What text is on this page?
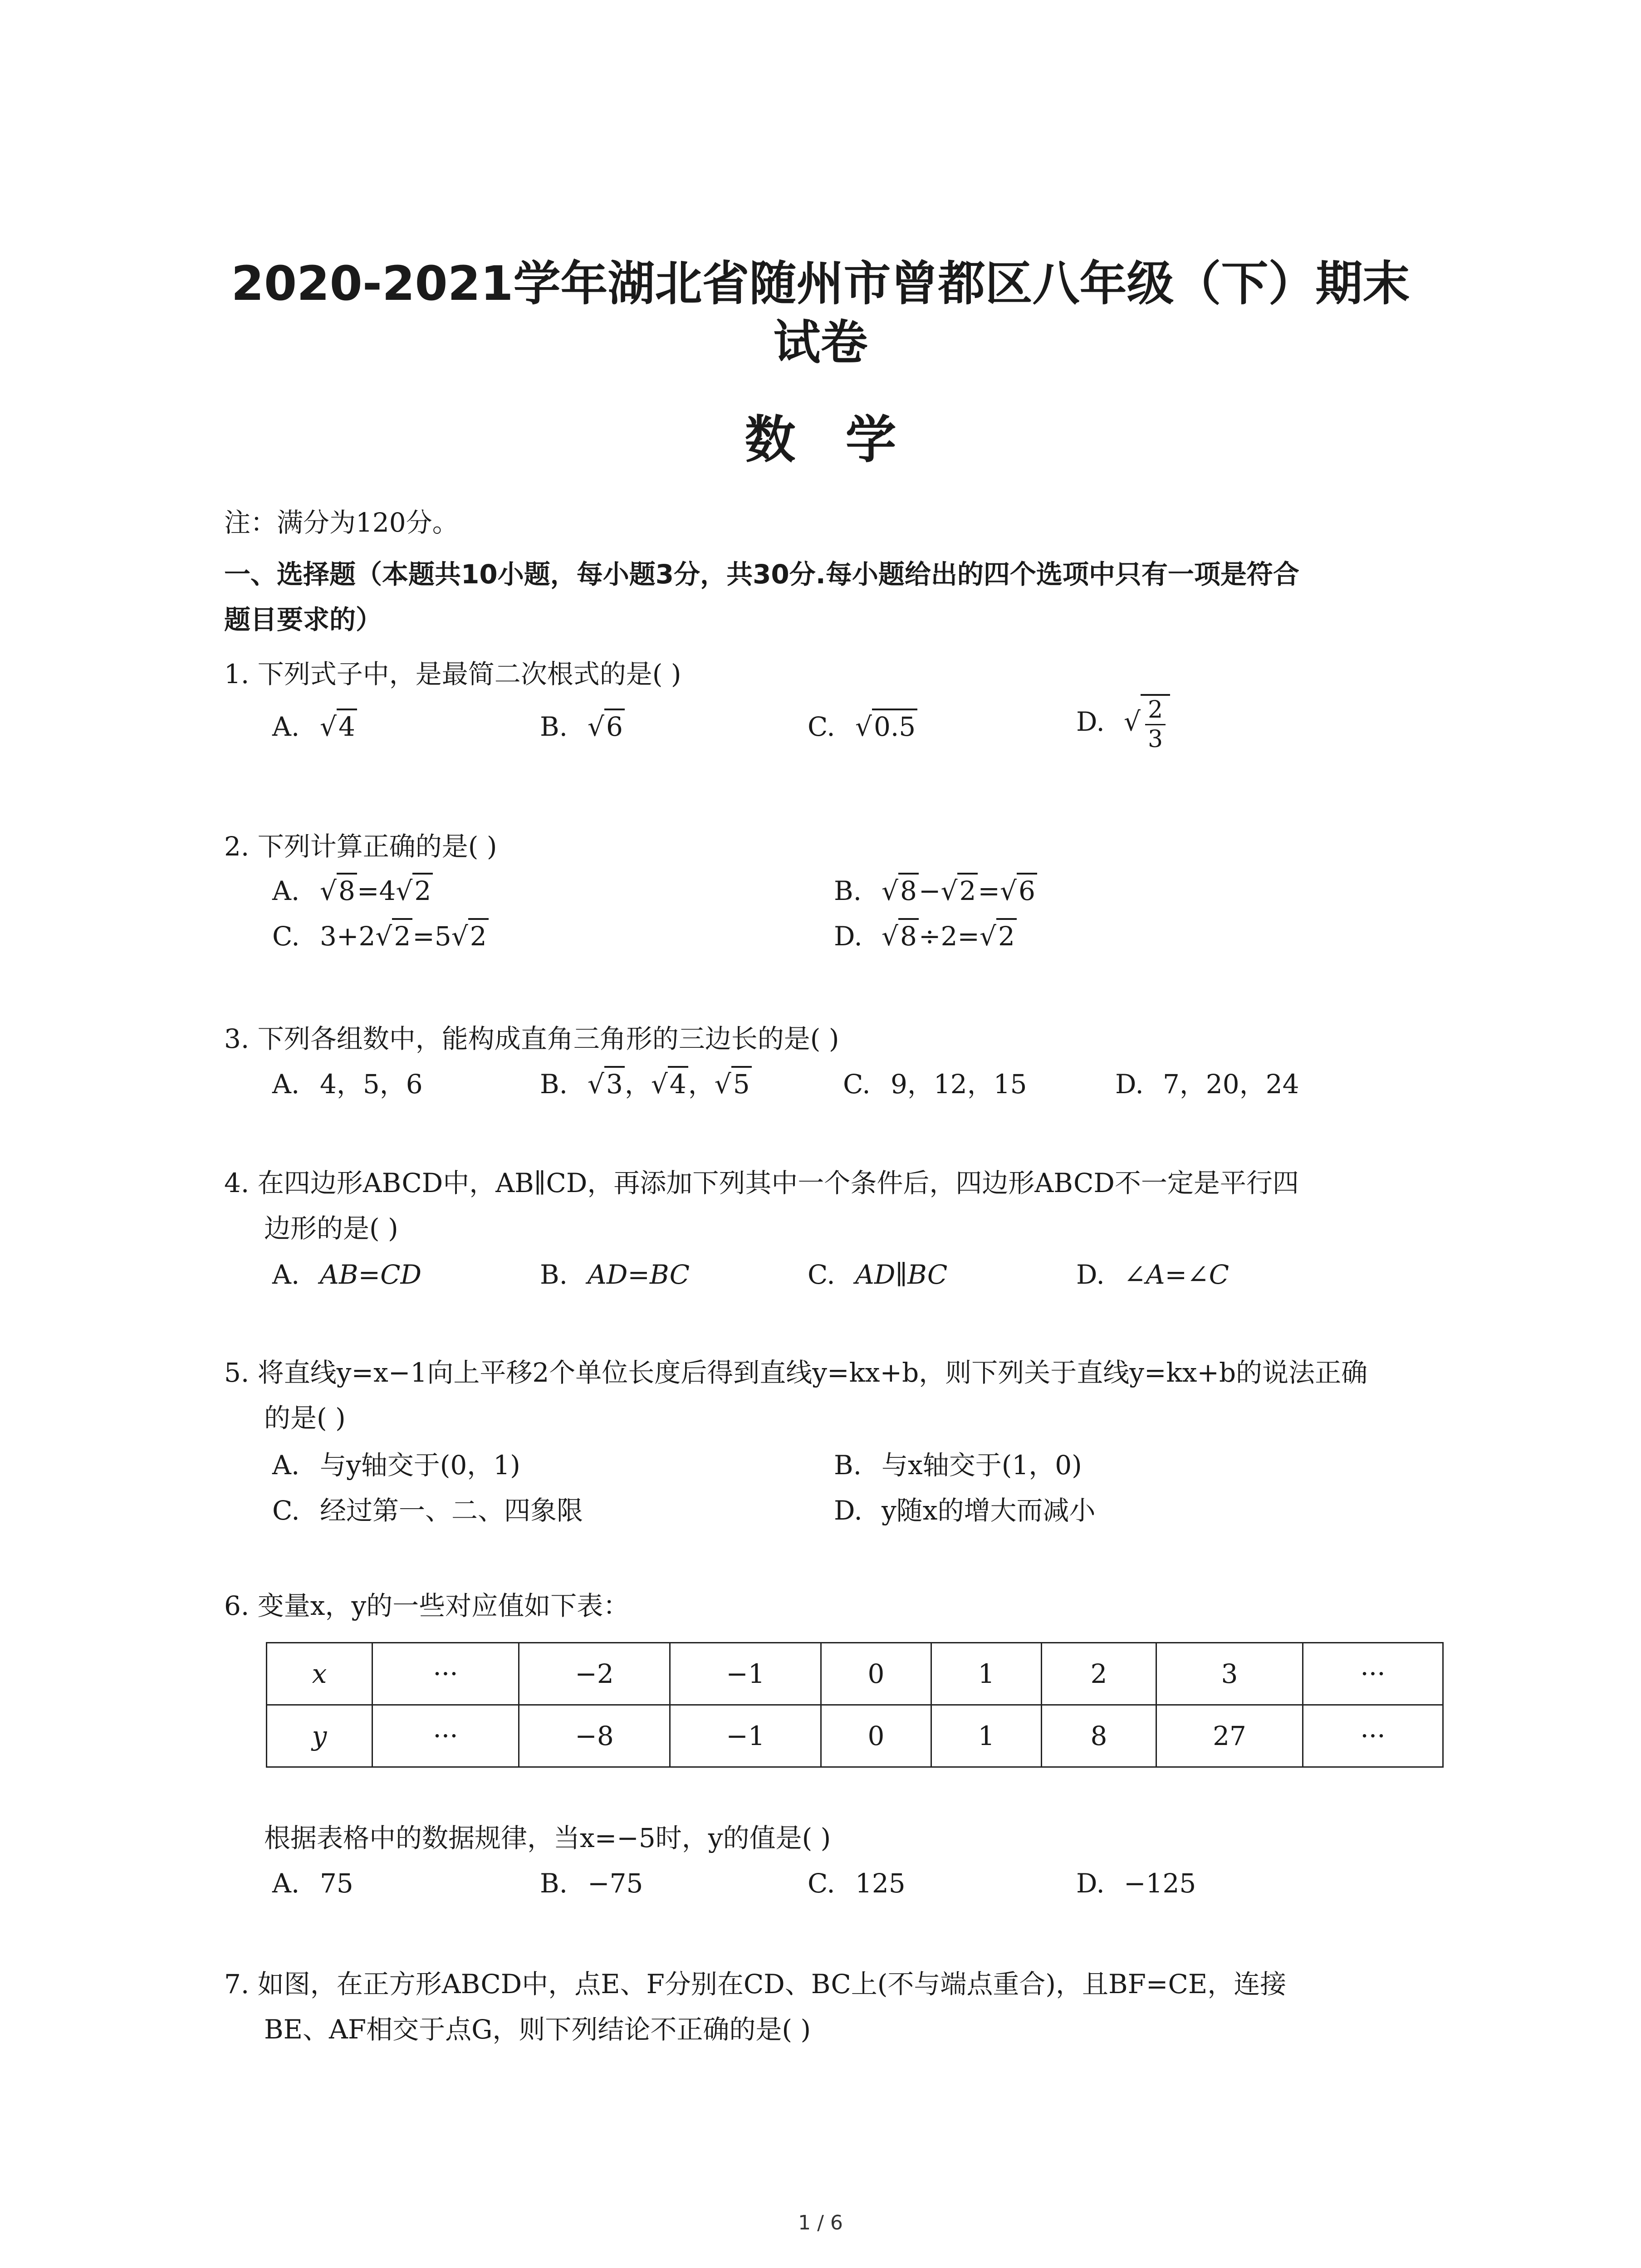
2020-2021学年湖北省随州市曾都区八年级（下）期末
试卷
数学
注：满分为120分。
一、选择题（本题共10小题，每小题3分，共30分.每小题给出的四个选项中只有一项是符合
题目要求的）
1. 下列式子中，是最简二次根式的是( )
A. √4	B. √6	C. √0.5	D. √ $\frac{2}{3}$
2. 下列计算正确的是( )
A. √8=4√2	B. √8−√2=√6
C. 3+2√2=5√2	D. √8÷2=√2
3. 下列各组数中，能构成直角三角形的三边长的是( )
A. 4，5，6	B. √3，√4，√5	C. 9，12，15	D. 7，20，24
4. 在四边形ABCD中，AB∥CD，再添加下列其中一个条件后，四边形ABCD不一定是平行四
边形的是( )
A. AB=CD	B. AD=BC	C. AD∥BC	D. ∠A=∠C
5. 将直线y=x−1向上平移2个单位长度后得到直线y=kx+b，则下列关于直线y=kx+b的说法正确
的是( )
A. 与y轴交于(0，1)	B. 与x轴交于(1，0)
C. 经过第一、二、四象限	D. y随x的增大而减小
6. 变量x，y的一些对应值如下表：
x	···	−2	−1	0	1	2	3	···
y	···	−8	−1	0	1	8	27	···
根据表格中的数据规律，当x=−5时，y的值是( )
A. 75	B. −75	C. 125	D. −125
7. 如图，在正方形ABCD中，点E、F分别在CD、BC上(不与端点重合)，且BF=CE，连接
BE、AF相交于点G，则下列结论不正确的是( )
1 / 6
